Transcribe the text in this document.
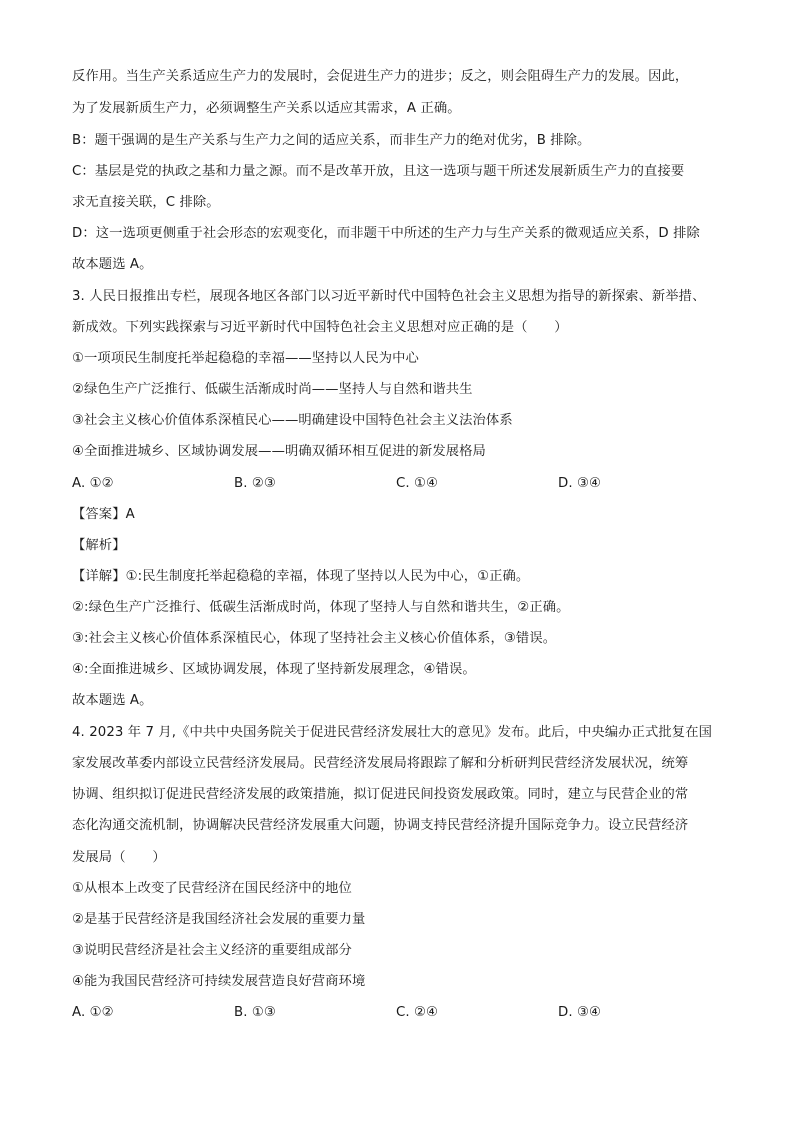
反作用。当生产关系适应生产力的发展时，会促进生产力的进步；反之，则会阻碍生产力的发展。因此，
为了发展新质生产力，必须调整生产关系以适应其需求，A 正确。
B：题干强调的是生产关系与生产力之间的适应关系，而非生产力的绝对优劣，B 排除。
C：基层是党的执政之基和力量之源。而不是改革开放，且这一选项与题干所述发展新质生产力的直接要
求无直接关联，C 排除。
D：这一选项更侧重于社会形态的宏观变化，而非题干中所述的生产力与生产关系的微观适应关系，D 排除
故本题选 A。
3. 人民日报推出专栏，展现各地区各部门以习近平新时代中国特色社会主义思想为指导的新探索、新举措、
新成效。下列实践探索与习近平新时代中国特色社会主义思想对应正确的是（　　）
①一项项民生制度托举起稳稳的幸福——坚持以人民为中心
②绿色生产广泛推行、低碳生活渐成时尚——坚持人与自然和谐共生
③社会主义核心价值体系深植民心——明确建设中国特色社会主义法治体系
④全面推进城乡、区域协调发展——明确双循环相互促进的新发展格局
A. ①②	B. ②③	C. ①④	D. ③④
【答案】A
【解析】
【详解】①:民生制度托举起稳稳的幸福，体现了坚持以人民为中心，①正确。
②:绿色生产广泛推行、低碳生活渐成时尚，体现了坚持人与自然和谐共生，②正确。
③:社会主义核心价值体系深植民心，体现了坚持社会主义核心价值体系，③错误。
④:全面推进城乡、区域协调发展，体现了坚持新发展理念，④错误。
故本题选 A。
4. 2023 年 7 月,《中共中央国务院关于促进民营经济发展壮大的意见》发布。此后，中央编办正式批复在国
家发展改革委内部设立民营经济发展局。民营经济发展局将跟踪了解和分析研判民营经济发展状况，统筹
协调、组织拟订促进民营经济发展的政策措施，拟订促进民间投资发展政策。同时，建立与民营企业的常
态化沟通交流机制，协调解决民营经济发展重大问题，协调支持民营经济提升国际竞争力。设立民营经济
发展局（　　）
①从根本上改变了民营经济在国民经济中的地位
②是基于民营经济是我国经济社会发展的重要力量
③说明民营经济是社会主义经济的重要组成部分
④能为我国民营经济可持续发展营造良好营商环境
A. ①②	B. ①③	C. ②④	D. ③④
